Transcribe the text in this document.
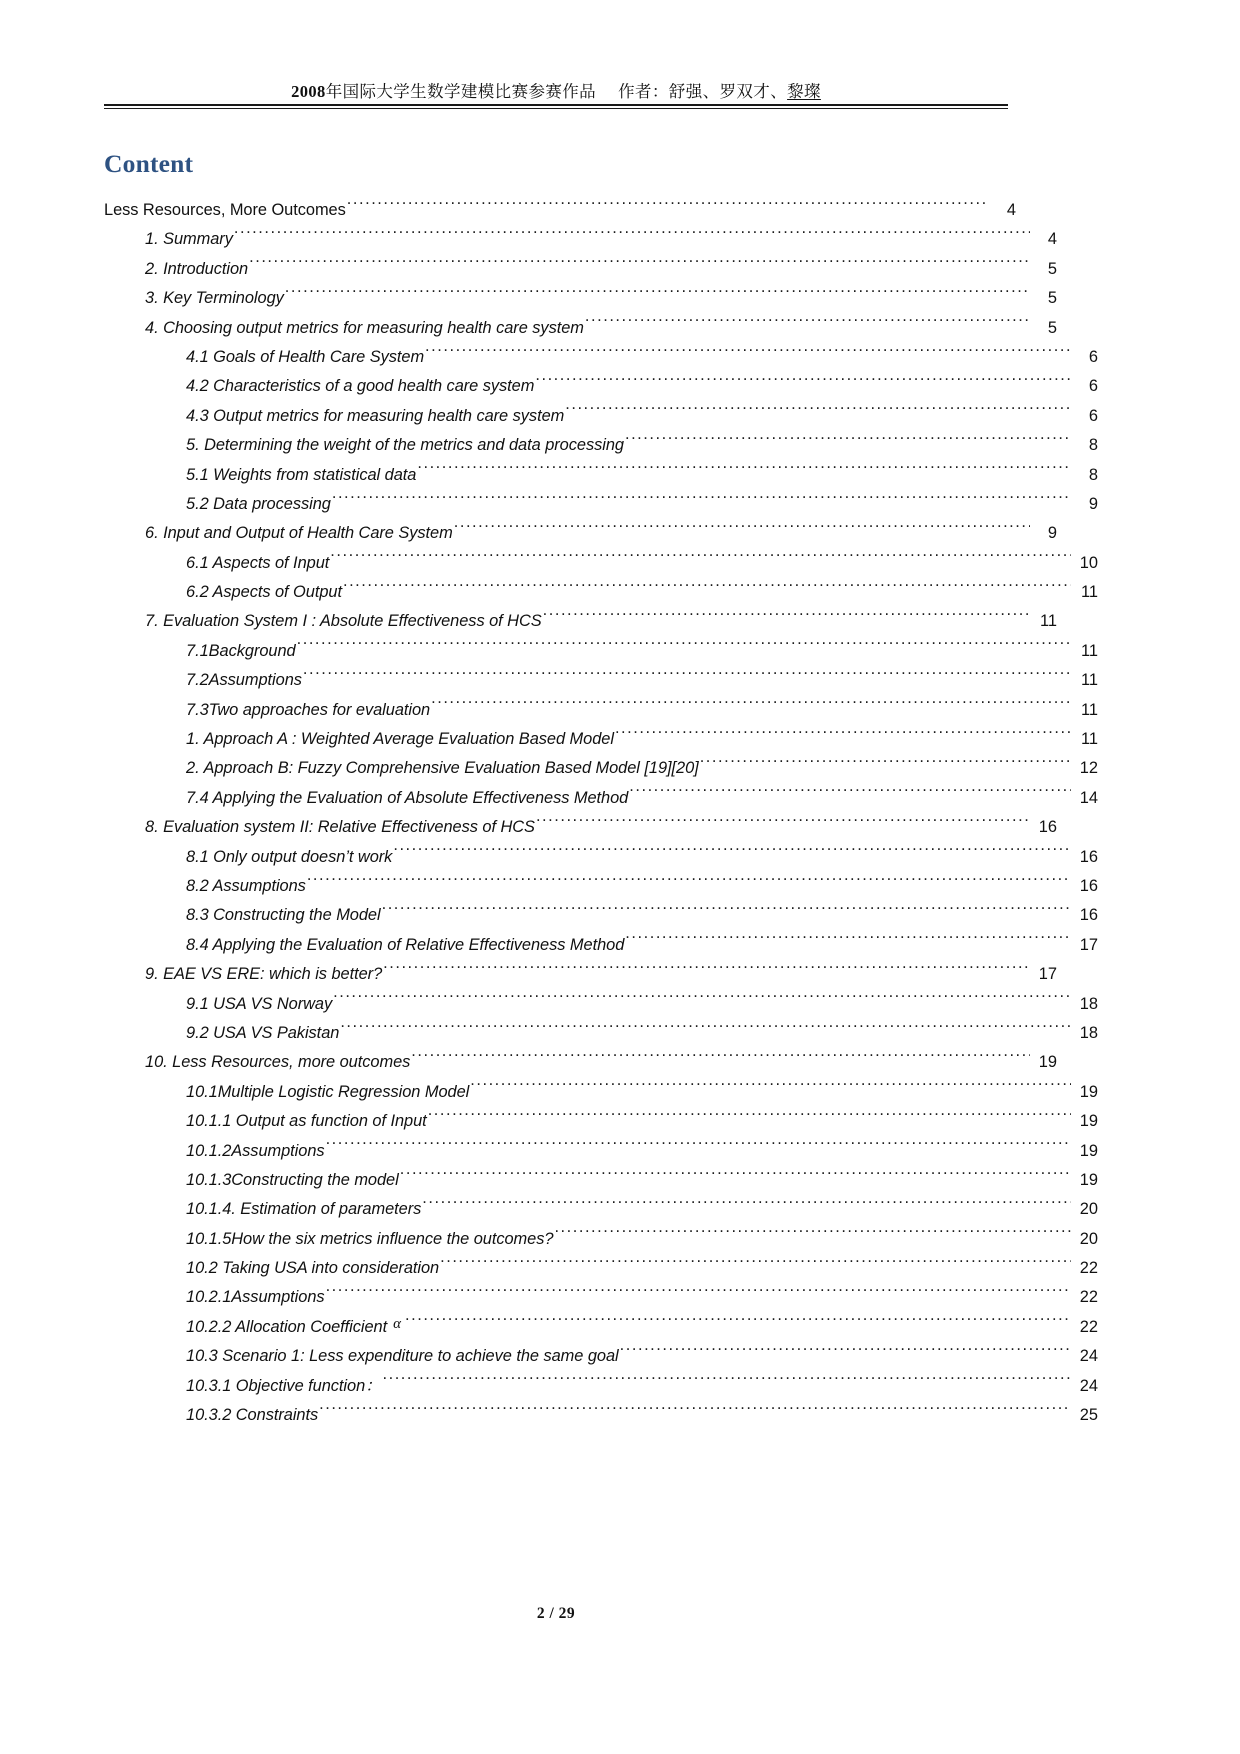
2008年国际大学生数学建模比赛参赛作品 作者：舒强、罗双才、黎璨
Content
Less Resources, More Outcomes .....	4
1. Summary .....	4
2. Introduction .....	5
3. Key Terminology .....	5
4. Choosing output metrics for measuring health care system .....	5
4.1 Goals of Health Care System .....	6
4.2 Characteristics of a good health care system .....	6
4.3 Output metrics for measuring health care system .....	6
5. Determining the weight of the metrics and data processing .....	8
5.1 Weights from statistical data .....	8
5.2 Data processing .....	9
6. Input and Output of Health Care System .....	9
6.1 Aspects of Input .....	10
6.2 Aspects of Output .....	11
7. Evaluation System I : Absolute Effectiveness of HCS .....	11
7.1Background .....	11
7.2Assumptions .....	11
7.3Two approaches for evaluation .....	11
1. Approach A : Weighted Average Evaluation Based Model .....	11
2. Approach B: Fuzzy Comprehensive Evaluation Based Model [19][20] .....	12
7.4 Applying the Evaluation of Absolute Effectiveness Method .....	14
8. Evaluation system II: Relative Effectiveness of HCS .....	16
8.1 Only output doesn’t work .....	16
8.2 Assumptions .....	16
8.3 Constructing the Model .....	16
8.4 Applying the Evaluation of Relative Effectiveness Method .....	17
9. EAE VS ERE: which is better? .....	17
9.1 USA VS Norway .....	18
9.2 USA VS Pakistan .....	18
10. Less Resources, more outcomes .....	19
10.1Multiple Logistic Regression Model .....	19
10.1.1 Output as function of Input .....	19
10.1.2Assumptions .....	19
10.1.3Constructing the model .....	19
10.1.4. Estimation of parameters .....	20
10.1.5How the six metrics influence the outcomes? .....	20
10.2 Taking USA into consideration .....	22
10.2.1Assumptions .....	22
10.2.2 Allocation Coefficient α .....	22
10.3 Scenario 1: Less expenditure to achieve the same goal .....	24
10.3.1 Objective function： .....	24
10.3.2 Constraints .....	25
2 / 29
